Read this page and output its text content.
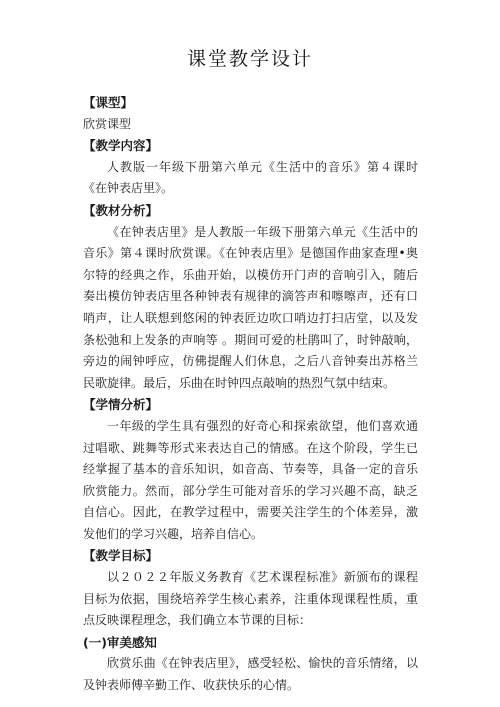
课堂教学设计
【课型】

欣赏课型

【教学内容】

人教版一年级下册第六单元《生活中的音乐》第４课时《在钟表店里》。

【教材分析】

《在钟表店里》是人教版一年级下册第六单元《生活中的音乐》第４课时欣赏课。《在钟表店里》是德国作曲家查理•奥尔特的经典之作，乐曲开始，以模仿开门声的音响引入，随后奏出模仿钟表店里各种钟表有规律的滴答声和嚓嚓声，还有口哨声，让人联想到悠闲的钟表匠边吹口哨边打扫店堂，以及发条松弛和上发条的声响等 。期间可爱的杜鹃叫了，时钟敲响，旁边的闹钟呼应，仿佛提醒人们休息，之后八音钟奏出苏格兰民歌旋律。最后，乐曲在时钟四点敲响的热烈气氛中结束。

【学情分析】

一年级的学生具有强烈的好奇心和探索欲望，他们喜欢通过唱歌、跳舞等形式来表达自己的情感。在这个阶段，学生已经掌握了基本的音乐知识，如音高、节奏等，具备一定的音乐欣赏能力。然而，部分学生可能对音乐的学习兴趣不高，缺乏自信心。因此，在教学过程中，需要关注学生的个体差异，激发他们的学习兴趣，培养自信心。

【教学目标】

以２０２２年版义务教育《艺术课程标准》新颁布的课程目标为依据，围绕培养学生核心素养，注重体现课程性质，重点反映课程理念，我们确立本节课的目标：

(一)审美感知

欣赏乐曲《在钟表店里》，感受轻松、愉快的音乐情绪，以及钟表师傅辛勤工作、收获快乐的心情。
